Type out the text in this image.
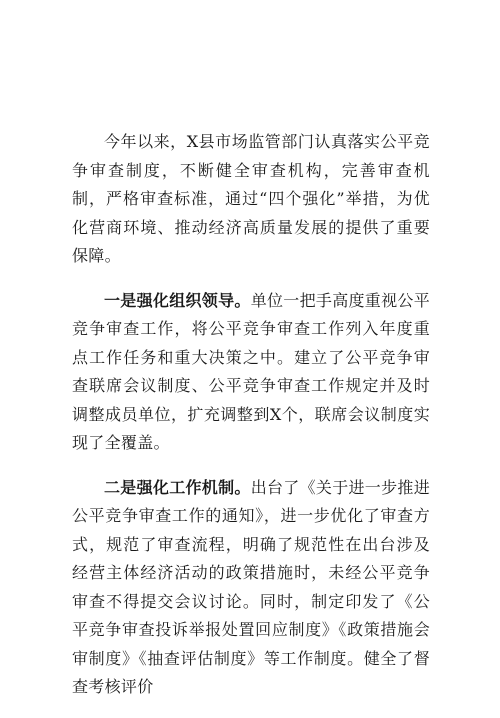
今年以来，X县市场监管部门认真落实公平竞争审查制度，不断健全审查机构，完善审查机制，严格审查标准，通过“四个强化”举措，为优化营商环境、推动经济高质量发展的提供了重要保障。

一是强化组织领导。单位一把手高度重视公平竞争审查工作，将公平竞争审查工作列入年度重点工作任务和重大决策之中。建立了公平竞争审查联席会议制度、公平竞争审查工作规定并及时调整成员单位，扩充调整到X个，联席会议制度实现了全覆盖。

二是强化工作机制。出台了《关于进一步推进公平竞争审查工作的通知》，进一步优化了审查方式，规范了审查流程，明确了规范性在出台涉及经营主体经济活动的政策措施时，未经公平竞争审查不得提交会议讨论。同时，制定印发了《公平竞争审查投诉举报处置回应制度》《政策措施会审制度》《抽查评估制度》等工作制度。健全了督查考核评价
